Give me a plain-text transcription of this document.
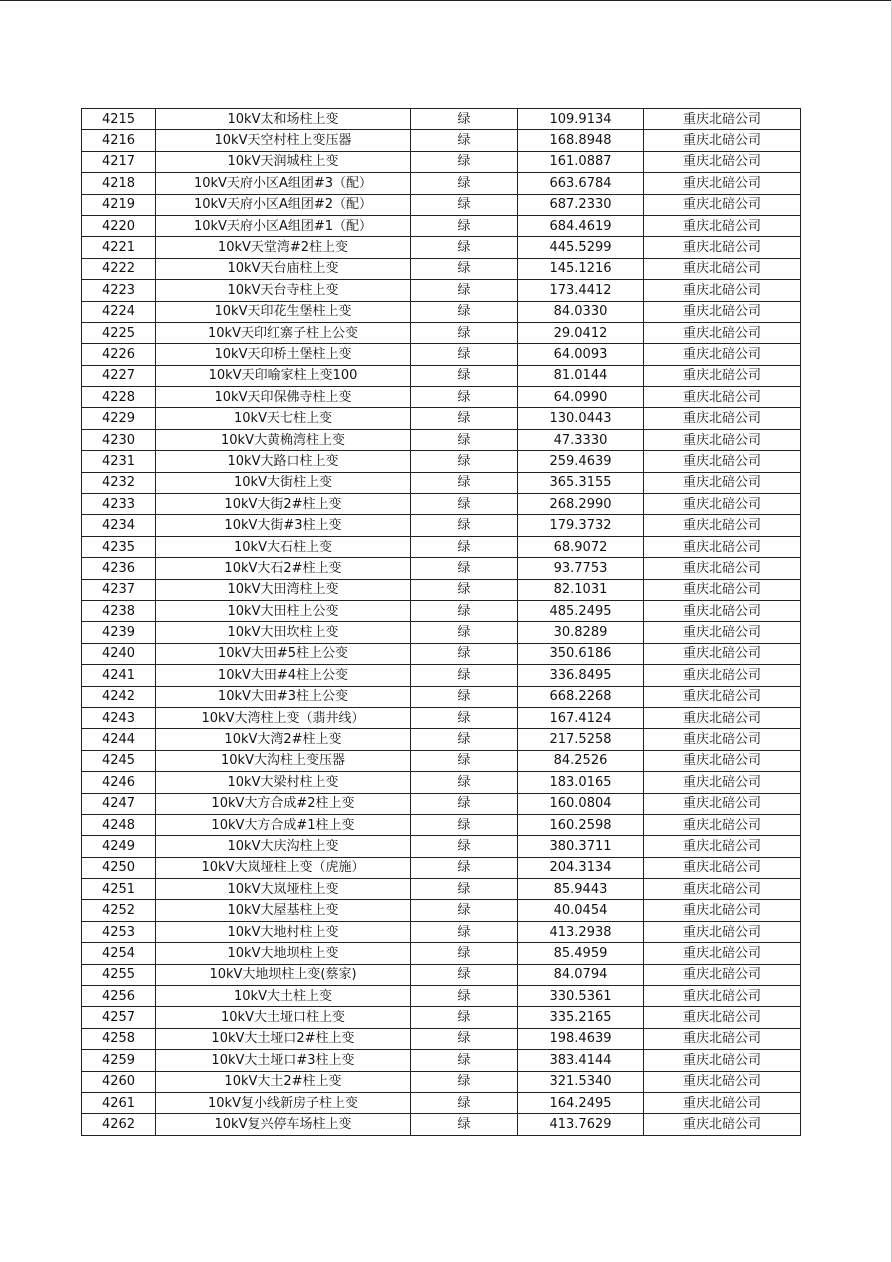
4215	10kV太和场柱上变	绿	109.9134	重庆北碚公司
4216	10kV天空村柱上变压器	绿	168.8948	重庆北碚公司
4217	10kV天润城柱上变	绿	161.0887	重庆北碚公司
4218	10kV天府小区A组团#3（配）	绿	663.6784	重庆北碚公司
4219	10kV天府小区A组团#2（配）	绿	687.2330	重庆北碚公司
4220	10kV天府小区A组团#1（配）	绿	684.4619	重庆北碚公司
4221	10kV天堂湾#2柱上变	绿	445.5299	重庆北碚公司
4222	10kV天台庙柱上变	绿	145.1216	重庆北碚公司
4223	10kV天台寺柱上变	绿	173.4412	重庆北碚公司
4224	10kV天印花生堡柱上变	绿	84.0330	重庆北碚公司
4225	10kV天印红寨子柱上公变	绿	29.0412	重庆北碚公司
4226	10kV天印桥土堡柱上变	绿	64.0093	重庆北碚公司
4227	10kV天印喻家柱上变100	绿	81.0144	重庆北碚公司
4228	10kV天印保佛寺柱上变	绿	64.0990	重庆北碚公司
4229	10kV天七柱上变	绿	130.0443	重庆北碚公司
4230	10kV大黄桷湾柱上变	绿	47.3330	重庆北碚公司
4231	10kV大路口柱上变	绿	259.4639	重庆北碚公司
4232	10kV大街柱上变	绿	365.3155	重庆北碚公司
4233	10kV大街2#柱上变	绿	268.2990	重庆北碚公司
4234	10kV大街#3柱上变	绿	179.3732	重庆北碚公司
4235	10kV大石柱上变	绿	68.9072	重庆北碚公司
4236	10kV大石2#柱上变	绿	93.7753	重庆北碚公司
4237	10kV大田湾柱上变	绿	82.1031	重庆北碚公司
4238	10kV大田柱上公变	绿	485.2495	重庆北碚公司
4239	10kV大田坎柱上变	绿	30.8289	重庆北碚公司
4240	10kV大田#5柱上公变	绿	350.6186	重庆北碚公司
4241	10kV大田#4柱上公变	绿	336.8495	重庆北碚公司
4242	10kV大田#3柱上公变	绿	668.2268	重庆北碚公司
4243	10kV大湾柱上变（翡井线）	绿	167.4124	重庆北碚公司
4244	10kV大湾2#柱上变	绿	217.5258	重庆北碚公司
4245	10kV大沟柱上变压器	绿	84.2526	重庆北碚公司
4246	10kV大梁村柱上变	绿	183.0165	重庆北碚公司
4247	10kV大方合成#2柱上变	绿	160.0804	重庆北碚公司
4248	10kV大方合成#1柱上变	绿	160.2598	重庆北碚公司
4249	10kV大庆沟柱上变	绿	380.3711	重庆北碚公司
4250	10kV大岚垭柱上变（虎施）	绿	204.3134	重庆北碚公司
4251	10kV大岚垭柱上变	绿	85.9443	重庆北碚公司
4252	10kV大屋基柱上变	绿	40.0454	重庆北碚公司
4253	10kV大地村柱上变	绿	413.2938	重庆北碚公司
4254	10kV大地坝柱上变	绿	85.4959	重庆北碚公司
4255	10kV大地坝柱上变(蔡家)	绿	84.0794	重庆北碚公司
4256	10kV大土柱上变	绿	330.5361	重庆北碚公司
4257	10kV大土垭口柱上变	绿	335.2165	重庆北碚公司
4258	10kV大土垭口2#柱上变	绿	198.4639	重庆北碚公司
4259	10kV大土垭口#3柱上变	绿	383.4144	重庆北碚公司
4260	10kV大土2#柱上变	绿	321.5340	重庆北碚公司
4261	10kV复小线新房子柱上变	绿	164.2495	重庆北碚公司
4262	10kV复兴停车场柱上变	绿	413.7629	重庆北碚公司
